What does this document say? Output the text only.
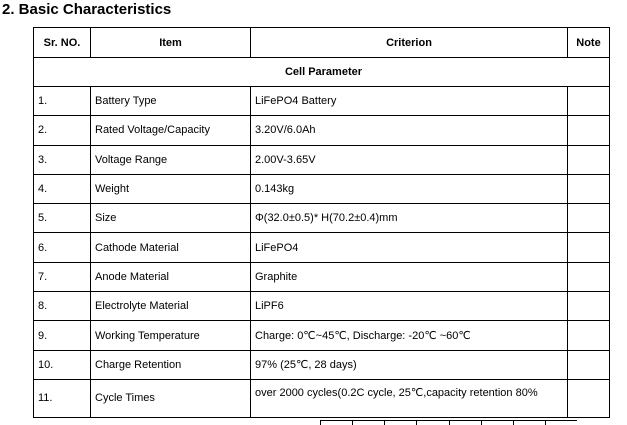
2. Basic Characteristics
Sr. NO.	Item	Criterion	Note
Cell Parameter			
1.	Battery Type	LiFePO4 Battery	
2.	Rated Voltage/Capacity	3.20V/6.0Ah	
3.	Voltage Range	2.00V-3.65V	
4.	Weight	0.143kg	
5.	Size	Φ(32.0±0.5)* H(70.2±0.4)mm	
6.	Cathode Material	LiFePO4	
7.	Anode Material	Graphite	
8.	Electrolyte Material	LiPF6	
9.	Working Temperature	Charge: 0℃~45℃, Discharge: -20℃ ~60℃	
10.	Charge Retention	97% (25℃, 28 days)	
11.	Cycle Times	over 2000 cycles(0.2C cycle, 25℃,capacity retention 80%	
